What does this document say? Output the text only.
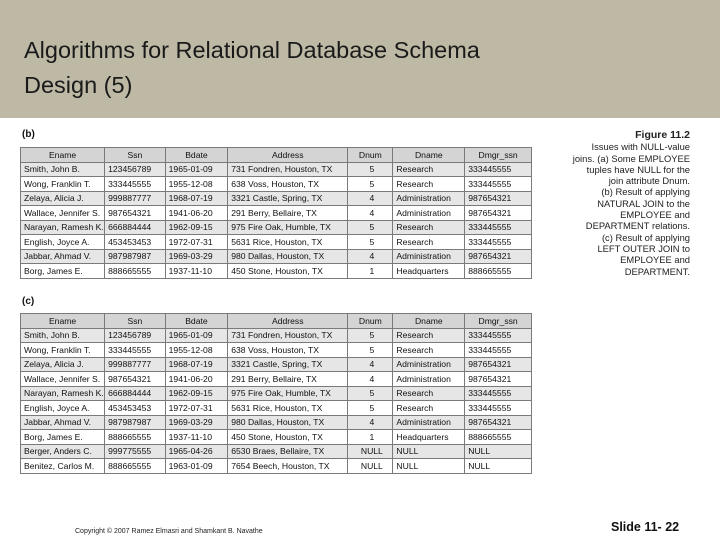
Algorithms for Relational Database Schema
Design (5)
(b)
Ename	Ssn	Bdate	Address	Dnum	Dname	Dmgr_ssn
Smith, John B.	123456789	1965-01-09	731 Fondren, Houston, TX	5	Research	333445555
Wong, Franklin T.	333445555	1955-12-08	638 Voss, Houston, TX	5	Research	333445555
Zelaya, Alicia J.	999887777	1968-07-19	3321 Castle, Spring, TX	4	Administration	987654321
Wallace, Jennifer S.	987654321	1941-06-20	291 Berry, Bellaire, TX	4	Administration	987654321
Narayan, Ramesh K.	666884444	1962-09-15	975 Fire Oak, Humble, TX	5	Research	333445555
English, Joyce A.	453453453	1972-07-31	5631 Rice, Houston, TX	5	Research	333445555
Jabbar, Ahmad V.	987987987	1969-03-29	980 Dallas, Houston, TX	4	Administration	987654321
Borg, James E.	888665555	1937-11-10	450 Stone, Houston, TX	1	Headquarters	888665555
(c)
Ename	Ssn	Bdate	Address	Dnum	Dname	Dmgr_ssn
Smith, John B.	123456789	1965-01-09	731 Fondren, Houston, TX	5	Research	333445555
Wong, Franklin T.	333445555	1955-12-08	638 Voss, Houston, TX	5	Research	333445555
Zelaya, Alicia J.	999887777	1968-07-19	3321 Castle, Spring, TX	4	Administration	987654321
Wallace, Jennifer S.	987654321	1941-06-20	291 Berry, Bellaire, TX	4	Administration	987654321
Narayan, Ramesh K.	666884444	1962-09-15	975 Fire Oak, Humble, TX	5	Research	333445555
English, Joyce A.	453453453	1972-07-31	5631 Rice, Houston, TX	5	Research	333445555
Jabbar, Ahmad V.	987987987	1969-03-29	980 Dallas, Houston, TX	4	Administration	987654321
Borg, James E.	888665555	1937-11-10	450 Stone, Houston, TX	1	Headquarters	888665555
Berger, Anders C.	999775555	1965-04-26	6530 Braes, Bellaire, TX	NULL	NULL	NULL
Benitez, Carlos M.	888665555	1963-01-09	7654 Beech, Houston, TX	NULL	NULL	NULL
Figure 11.2
Issues with NULL-value
joins. (a) Some EMPLOYEE
tuples have NULL for the
join attribute Dnum.
(b) Result of applying
NATURAL JOIN to the
EMPLOYEE and
DEPARTMENT relations.
(c) Result of applying
LEFT OUTER JOIN to
EMPLOYEE and
DEPARTMENT.
Copyright © 2007 Ramez Elmasri and Shamkant B. Navathe	Slide 11- 22
